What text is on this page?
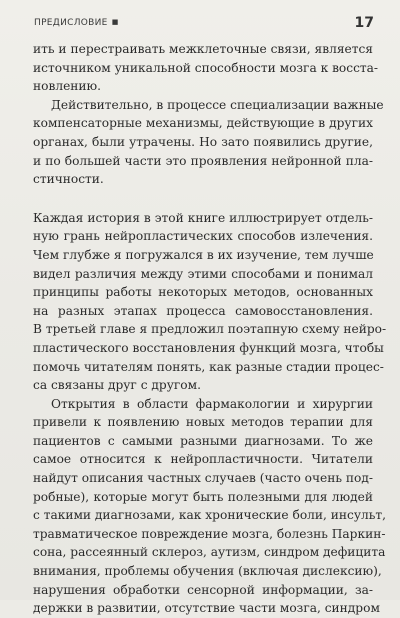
ПРЕДИСЛОВИЕ ■	17

ить и перестраивать межклеточные связи, является
источником уникальной способности мозга к восста-
новлению.

Действительно, в процессе специализации важные
компенсаторные механизмы, действующие в других
органах, были утрачены. Но зато появились другие,
и по большей части это проявления нейронной пла-
стичности.

Каждая история в этой книге иллюстрирует отдель-
ную грань нейропластических способов излечения.
Чем глубже я погружался в их изучение, тем лучше
видел различия между этими способами и понимал
принципы работы некоторых методов, основанных
на разных этапах процесса самовосстановления.
В третьей главе я предложил поэтапную схему нейро-
пластического восстановления функций мозга, чтобы
помочь читателям понять, как разные стадии процес-
са связаны друг с другом.

Открытия в области фармакологии и хирургии
привели к появлению новых методов терапии для
пациентов с самыми разными диагнозами. То же
самое относится к нейропластичности. Читатели
найдут описания частных случаев (часто очень под-
робные), которые могут быть полезными для людей
с такими диагнозами, как хронические боли, инсульт,
травматическое повреждение мозга, болезнь Паркин-
сона, рассеянный склероз, аутизм, синдром дефицита
внимания, проблемы обучения (включая дислексию),
нарушения обработки сенсорной информации, за-
держки в развитии, отсутствие части мозга, синдром
